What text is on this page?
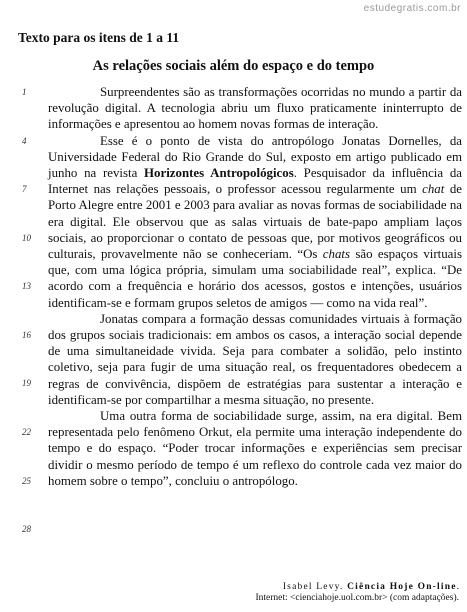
estudegratis.com.br
Texto para os itens de 1 a 11
As relações sociais além do espaço e do tempo
1
4
7
10
13
16
19
22
25
28

Surpreendentes são as transformações ocorridas no mundo a partir da revolução digital. A tecnologia abriu um fluxo praticamente ininterrupto de informações e apresentou ao homem novas formas de interação.

Esse é o ponto de vista do antropólogo Jonatas Dornelles, da Universidade Federal do Rio Grande do Sul, exposto em artigo publicado em junho na revista Horizontes Antropológicos. Pesquisador da influência da Internet nas relações pessoais, o professor acessou regularmente um chat de Porto Alegre entre 2001 e 2003 para avaliar as novas formas de sociabilidade na era digital. Ele observou que as salas virtuais de bate-papo ampliam laços sociais, ao proporcionar o contato de pessoas que, por motivos geográficos ou culturais, provavelmente não se conheceriam. “Os chats são espaços virtuais que, com uma lógica própria, simulam uma sociabilidade real”, explica. “De acordo com a frequência e horário dos acessos, gostos e intenções, usuários identificam-se e formam grupos seletos de amigos — como na vida real”.

Jonatas compara a formação dessas comunidades virtuais à formação dos grupos sociais tradicionais: em ambos os casos, a interação social depende de uma simultaneidade vivida. Seja para combater a solidão, pelo instinto coletivo, seja para fugir de uma situação real, os frequentadores obedecem a regras de convivência, dispõem de estratégias para sustentar a interação e identificam-se por compartilhar a mesma situação, no presente.

Uma outra forma de sociabilidade surge, assim, na era digital. Bem representada pelo fenômeno Orkut, ela permite uma interação independente do tempo e do espaço. “Poder trocar informações e experiências sem precisar dividir o mesmo período de tempo é um reflexo do controle cada vez maior do homem sobre o tempo”, concluiu o antropólogo.

Isabel Levy. Ciência Hoje On-line.
Internet: <cienciahoje.uol.com.br> (com adaptações).
